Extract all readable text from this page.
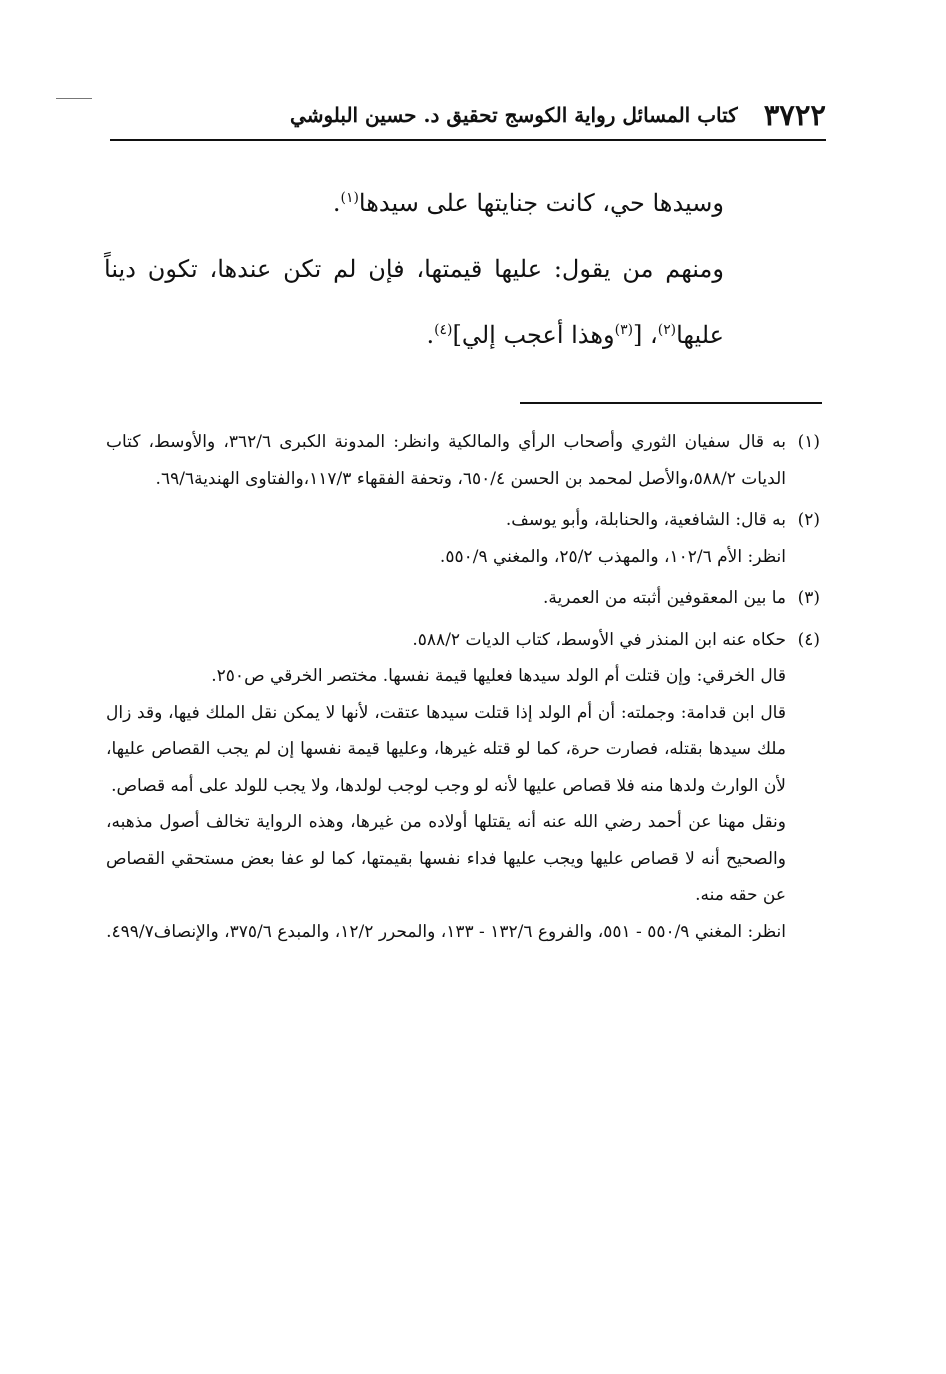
٣٧٢٢
كتاب المسائل رواية الكوسج تحقيق د. حسين البلوشي

وسيدها حي، كانت جنايتها على سيدها$^{(١)}$.

ومنهم من يقول: عليها قيمتها، فإن لم تكن عندها، تكون ديناً عليها$^{(٢)}$، [$^{(٣)}$وهذا أعجب إلي]$^{(٤)}$.

(١)به قال سفيان الثوري وأصحاب الرأي والمالكية وانظر: المدونة الكبرى ٣٦٢/٦، والأوسط، كتاب الديات ٥٨٨/٢،والأصل لمحمد بن الحسن ٦٥٠/٤، وتحفة الفقهاء ١١٧/٣،والفتاوى الهندية٦٩/٦.

(٢)به قال: الشافعية، والحنابلة، وأبو يوسف.

انظر: الأم ١٠٢/٦، والمهذب ٢٥/٢، والمغني ٥٥٠/٩.

(٣)ما بين المعقوفين أثبته من العمرية.

(٤)حكاه عنه ابن المنذر في الأوسط، كتاب الديات ٥٨٨/٢.

قال الخرقي: وإن قتلت أم الولد سيدها فعليها قيمة نفسها. مختصر الخرقي ص٢٥٠.

قال ابن قدامة: وجملته: أن أم الولد إذا قتلت سيدها عتقت، لأنها لا يمكن نقل الملك فيها، وقد زال ملك سيدها بقتله، فصارت حرة، كما لو قتله غيرها، وعليها قيمة نفسها إن لم يجب القصاص عليها، لأن الوارث ولدها منه فلا قصاص عليها لأنه لو وجب لوجب لولدها، ولا يجب للولد على أمه قصاص.

ونقل مهنا عن أحمد رضي الله عنه أنه يقتلها أولاده من غيرها، وهذه الرواية تخالف أصول مذهبه، والصحيح أنه لا قصاص عليها ويجب عليها فداء نفسها بقيمتها، كما لو عفا بعض مستحقي القصاص عن حقه منه.

انظر: المغني ٥٥٠/٩ - ٥٥١، والفروع ١٣٢/٦ - ١٣٣، والمحرر ١٢/٢، والمبدع ٣٧٥/٦، والإنصاف٤٩٩/٧.
